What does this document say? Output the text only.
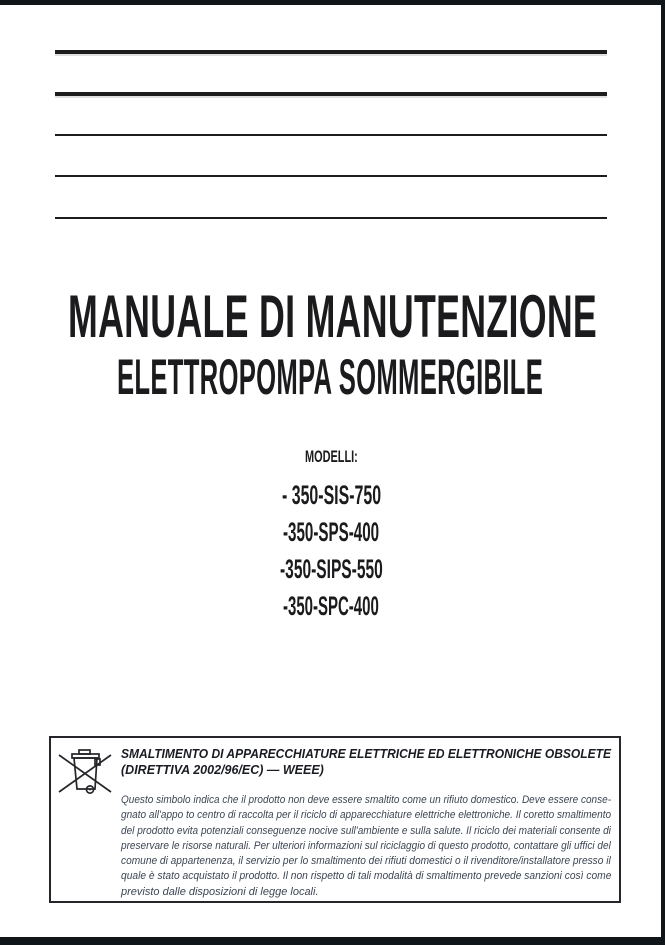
MANUALE DI MANUTENZIONE
ELETTROPOMPA SOMMERGIBILE
MODELLI:
- 350-SIS-750
-350-SPS-400
-350-SIPS-550
-350-SPC-400
SMALTIMENTO DI APPARECCHIATURE ELETTRICHE ED ELETTRONICHE OBSOLETE
(DIRETTIVA 2002/96/EC) — WEEE)
Questo simbolo indica che il prodotto non deve essere smaltito come un rifiuto domestico. Deve essere conse-
gnato all'appo to centro di raccolta per il riciclo di apparecchiature elettriche elettroniche. Il coretto smaltimento
del prodotto evita potenziali conseguenze nocive sull'ambiente e sulla salute. Il riciclo dei materiali consente di
preservare le risorse naturali. Per ulteriori informazioni sul riciclaggio di questo prodotto, contattare gli uffici del
comune di appartenenza, il servizio per lo smaltimento dei rifiuti domestici o il rivenditore/installatore presso il
quale è stato acquistato il prodotto. Il non rispetto di tali modalità di smaltimento prevede sanzioni così come
previsto dalle disposizioni di legge locali.
